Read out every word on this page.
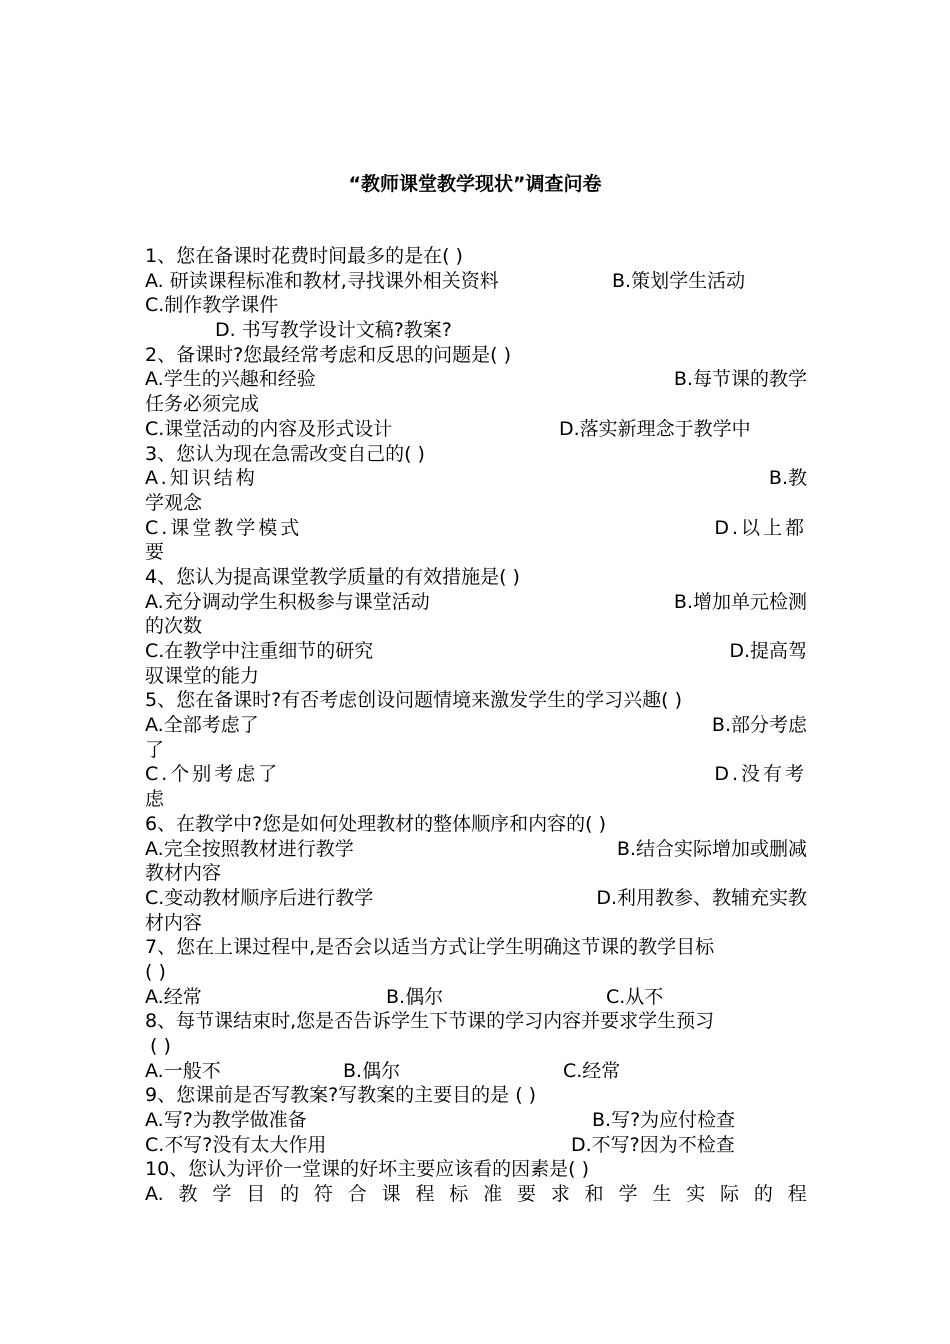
“教师课堂教学现状”调查问卷
1、您在备课时花费时间最多的是在( )
A. 研读课程标准和教材,寻找课外相关资料	B.策划学生活动
C.制作教学课件
D. 书写教学设计文稿?教案?
2、备课时?您最经常考虑和反思的问题是( )
A.学生的兴趣和经验	B.每节课的教学
任务必须完成
C.课堂活动的内容及形式设计	D.落实新理念于教学中
3、您认为现在急需改变自己的( )
A.知识结构	B.教
学观念
C.课堂教学模式	D.以上都
要
4、您认为提高课堂教学质量的有效措施是( )
A.充分调动学生积极参与课堂活动	B.增加单元检测
的次数
C.在教学中注重细节的研究	D.提高驾
驭课堂的能力
5、您在备课时?有否考虑创设问题情境来激发学生的学习兴趣( )
A.全部考虑了	B.部分考虑
了
C.个别考虑了	D.没有考
虑
6、在教学中?您是如何处理教材的整体顺序和内容的( )
A.完全按照教材进行教学	B.结合实际增加或删减
教材内容
C.变动教材顺序后进行教学	D.利用教参、教辅充实教
材内容
7、您在上课过程中,是否会以适当方式让学生明确这节课的教学目标
( )
A.经常	B.偶尔	C.从不
8、每节课结束时,您是否告诉学生下节课的学习内容并要求学生预习
( )
A.一般不	B.偶尔	C.经常
9、您课前是否写教案?写教案的主要目的是 ( )
A.写?为教学做准备	B.写?为应付检查
C.不写?没有太大作用	D.不写?因为不检查
10、您认为评价一堂课的好坏主要应该看的因素是( )
A. 教 学 目 的 符 合 课 程 标 准 要 求 和 学 生 实 际 的 程
